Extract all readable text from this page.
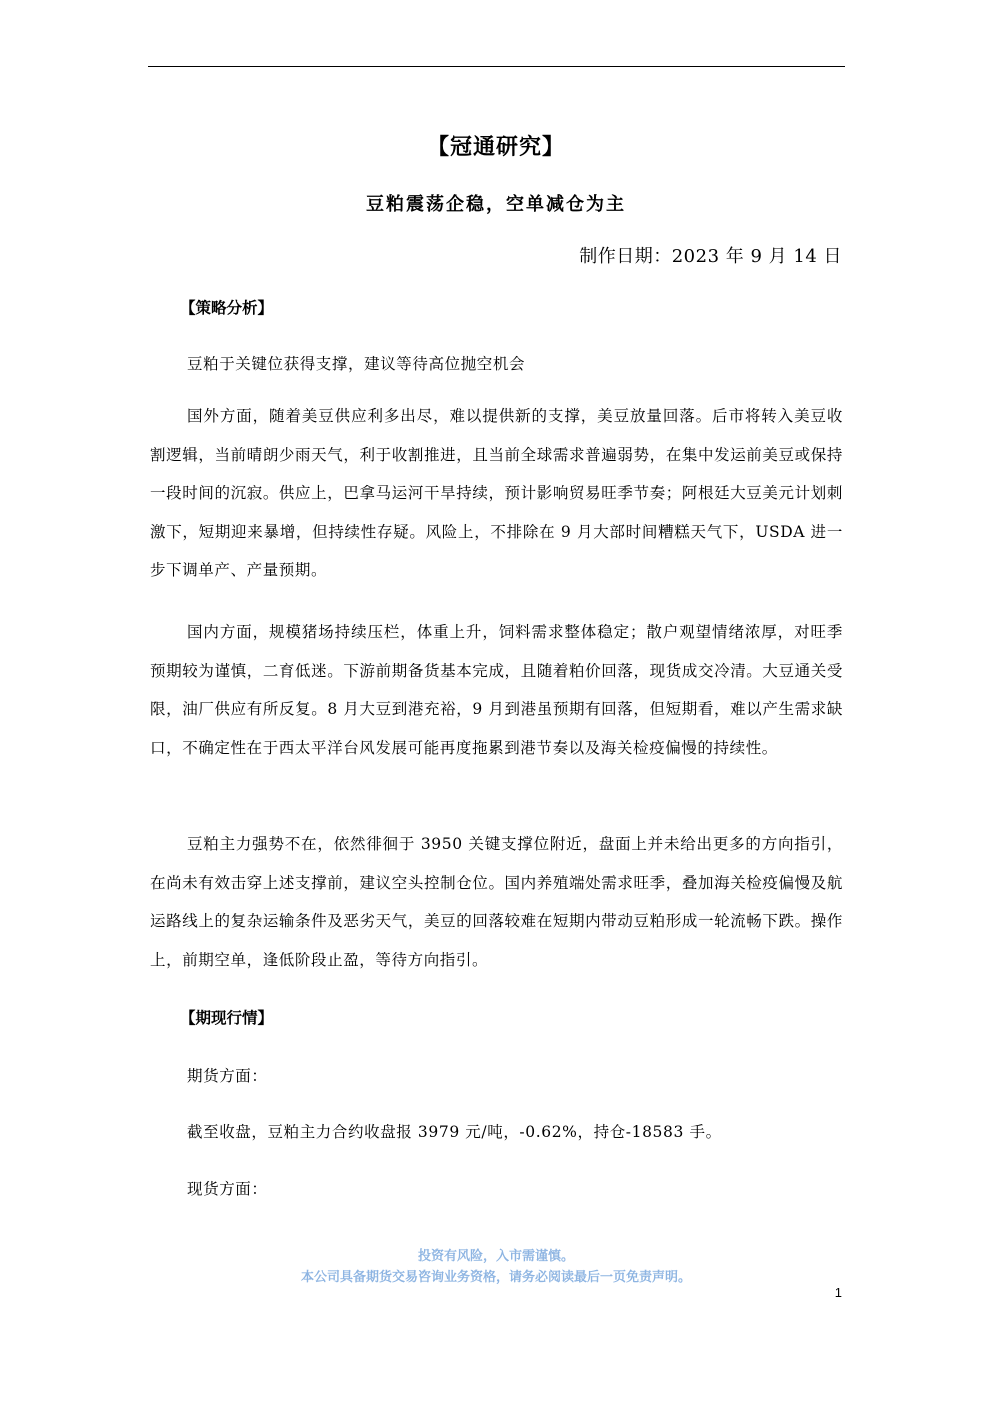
【冠通研究】
豆粕震荡企稳，空单减仓为主
制作日期：2023 年 9 月 14 日
【策略分析】
豆粕于关键位获得支撑，建议等待高位抛空机会

国外方面，随着美豆供应利多出尽，难以提供新的支撑，美豆放量回落。后市将转入美豆收割逻辑，当前晴朗少雨天气，利于收割推进，且当前全球需求普遍弱势，在集中发运前美豆或保持一段时间的沉寂。供应上，巴拿马运河干旱持续，预计影响贸易旺季节奏；阿根廷大豆美元计划刺激下，短期迎来暴增，但持续性存疑。风险上，不排除在 9 月大部时间糟糕天气下，USDA 进一步下调单产、产量预期。

国内方面，规模猪场持续压栏，体重上升，饲料需求整体稳定；散户观望情绪浓厚，对旺季预期较为谨慎，二育低迷。下游前期备货基本完成，且随着粕价回落，现货成交冷清。大豆通关受限，油厂供应有所反复。8 月大豆到港充裕，9 月到港虽预期有回落，但短期看，难以产生需求缺口，不确定性在于西太平洋台风发展可能再度拖累到港节奏以及海关检疫偏慢的持续性。

豆粕主力强势不在，依然徘徊于 3950 关键支撑位附近，盘面上并未给出更多的方向指引，在尚未有效击穿上述支撑前，建议空头控制仓位。国内养殖端处需求旺季，叠加海关检疫偏慢及航运路线上的复杂运输条件及恶劣天气，美豆的回落较难在短期内带动豆粕形成一轮流畅下跌。操作上，前期空单，逢低阶段止盈，等待方向指引。

【期现行情】
期货方面：
截至收盘，豆粕主力合约收盘报 3979 元/吨，-0.62%，持仓-18583 手。
现货方面：
投资有风险，入市需谨慎。
本公司具备期货交易咨询业务资格，请务必阅读最后一页免责声明。
1
